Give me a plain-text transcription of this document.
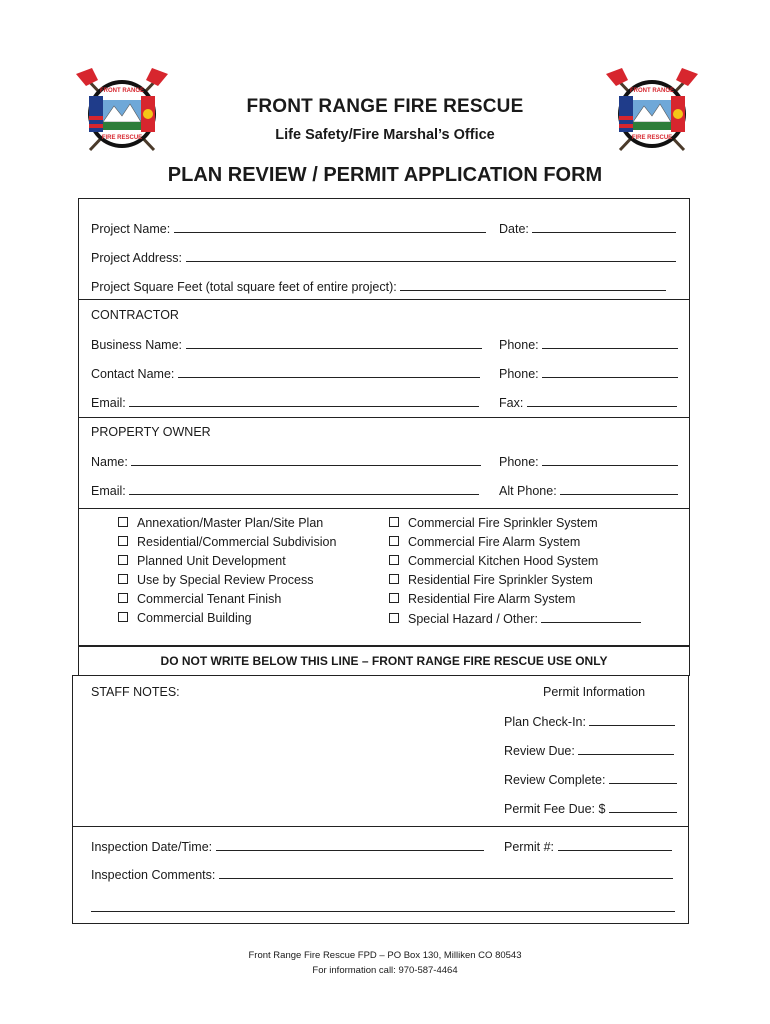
FRONT RANGE
FIRE RESCUE
FRONT RANGE
FIRE RESCUE
FRONT RANGE FIRE RESCUE
Life Safety/Fire Marshal’s Office
PLAN REVIEW / PERMIT APPLICATION FORM
Project Name:	Date:
Project Address:
Project Square Feet (total square feet of entire project):
CONTRACTOR
Business Name:	Phone:
Contact Name:	Phone:
Email:	Fax:
PROPERTY OWNER
Name:	Phone:
Email:	Alt Phone:
Annexation/Master Plan/Site Plan
Residential/Commercial Subdivision
Planned Unit Development
Use by Special Review Process
Commercial Tenant Finish
Commercial Building
Commercial Fire Sprinkler System
Commercial Fire Alarm System
Commercial Kitchen Hood System
Residential Fire Sprinkler System
Residential Fire Alarm System
Special Hazard / Other:
DO NOT WRITE BELOW THIS LINE – FRONT RANGE FIRE RESCUE USE ONLY
STAFF NOTES:	Permit Information
Plan Check-In:
Review Due:
Review Complete:
Permit Fee Due: $
Inspection Date/Time:	Permit #:
Inspection Comments:
Front Range Fire Rescue FPD – PO Box 130, Milliken CO 80543
For information call: 970-587-4464
